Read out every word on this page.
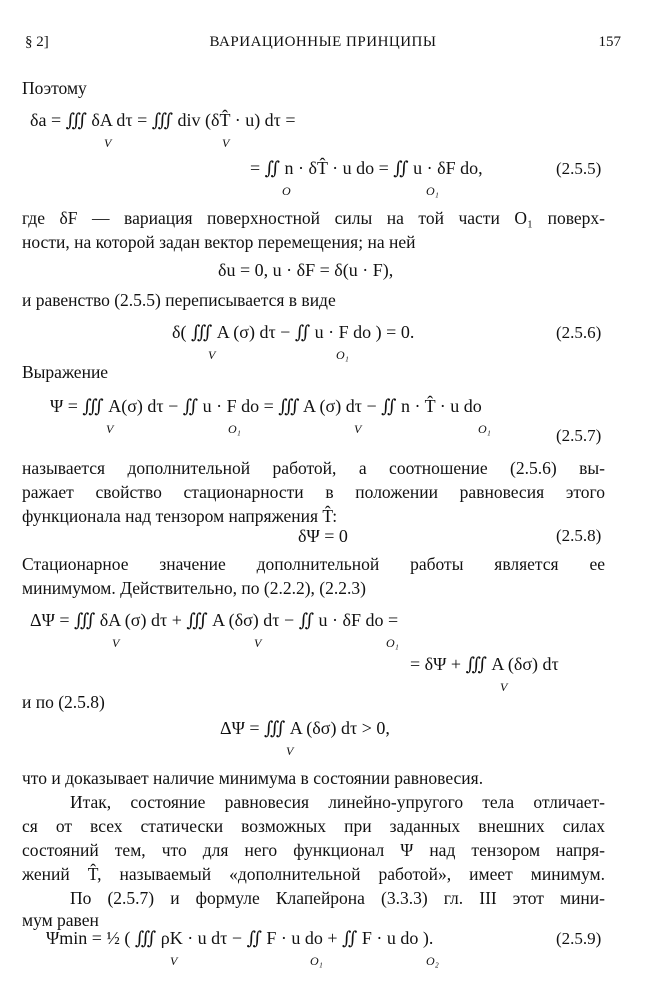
§ 2]	ВАРИАЦИОННЫЕ ПРИНЦИПЫ	157
Поэтому
δa = ∭ δA dτ = ∭ div (δT̂ · u) dτ =
V	V
= ∬ n · δT̂ · u do = ∬ u · δF do,
O	O₁
(2.5.5)
где δF — вариация поверхностной силы на той части O₁ поверх-
ности, на которой задан вектор перемещения; на ней
δu = 0, u · δF = δ(u · F),
и равенство (2.5.5) переписывается в виде
δ( ∭ A (σ) dτ − ∬ u · F do ) = 0.
V	O₁
(2.5.6)
Выражение
Ψ = ∭ A(σ) dτ − ∬ u · F do = ∭ A (σ) dτ − ∬ n · T̂ · u do
V	O₁	V	O₁	(2.5.7)
называется дополнительной работой, а соотношение (2.5.6) вы-
ражает свойство стационарности в положении равновесия этого
функционала над тензором напряжения T̂:
δΨ = 0	(2.5.8)
Стационарное значение дополнительной работы является ее
минимумом. Действительно, по (2.2.2), (2.2.3)
ΔΨ = ∭ δA (σ) dτ + ∭ A (δσ) dτ − ∬ u · δF do =
V	V	O₁
= δΨ + ∭ A (δσ) dτ
V
и по (2.5.8)
ΔΨ = ∭ A (δσ) dτ > 0,
V
что и доказывает наличие минимума в состоянии равновесия.
Итак, состояние равновесия линейно-упругого тела отличает-
ся от всех статически возможных при заданных внешних силах
состояний тем, что для него функционал Ψ над тензором напря-
жений T̂, называемый «дополнительной работой», имеет минимум.
По (2.5.7) и формуле Клапейрона (3.3.3) гл. III этот мини-
мум равен
Ψmin = ½ ( ∭ ρK · u dτ − ∬ F · u do + ∬ F · u do ).
V	O₁	O₂
(2.5.9)
